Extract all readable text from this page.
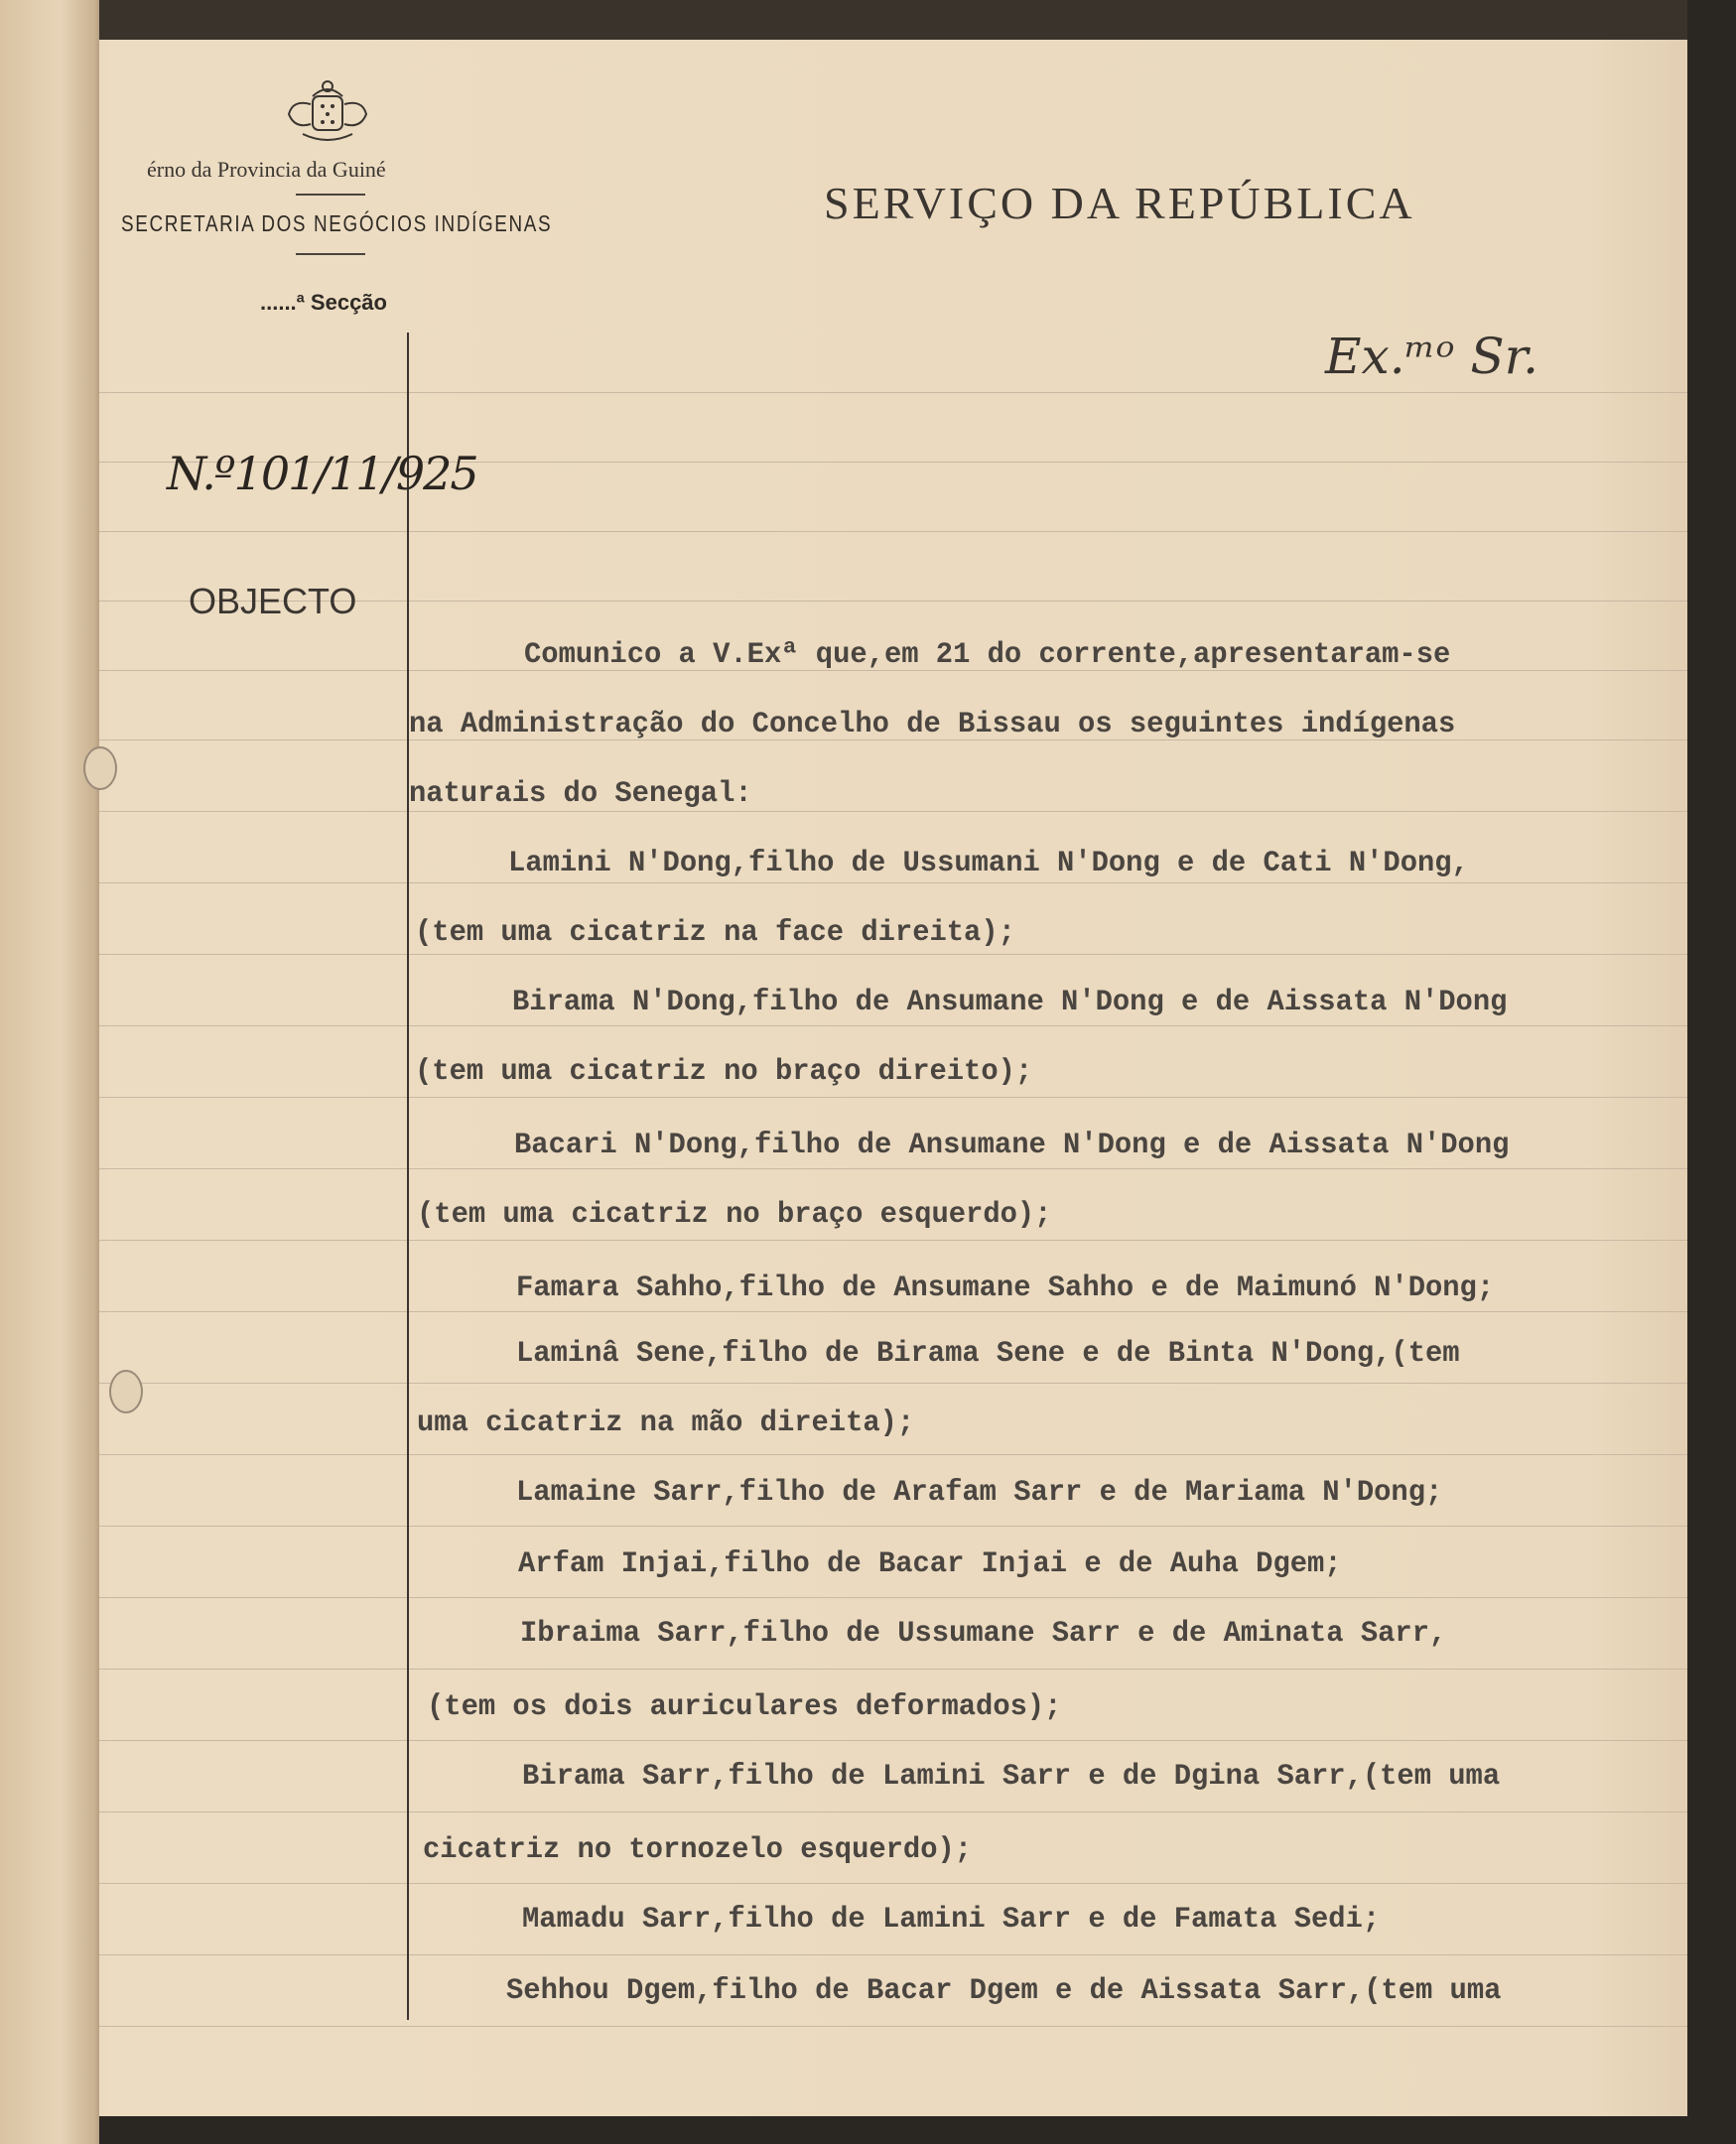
érno da Provincia da Guiné
SECRETARIA DOS NEGÓCIOS INDÍGENAS
......ª Secção
SERVIÇO DA REPÚBLICA
Ex.ᵐᵒ Sr.
N.º101/11/925
OBJECTO
Comunico a V.Exª que,em 21 do corrente,apresentaram-se
na Administração do Concelho de Bissau os seguintes indígenas
naturais do Senegal:
Lamini N'Dong,filho de Ussumani N'Dong e de Cati N'Dong,
(tem uma cicatriz na face direita);
Birama N'Dong,filho de Ansumane N'Dong e de Aissata N'Dong
(tem uma cicatriz no braço direito);
Bacari N'Dong,filho de Ansumane N'Dong e de Aissata N'Dong
(tem uma cicatriz no braço esquerdo);
Famara Sahho,filho de Ansumane Sahho e de Maimunó N'Dong;
Laminâ Sene,filho de Birama Sene e de Binta N'Dong,(tem
uma cicatriz na mão direita);
Lamaine Sarr,filho de Arafam Sarr e de Mariama N'Dong;
Arfam Injai,filho de Bacar Injai e de Auha Dgem;
Ibraima Sarr,filho de Ussumane Sarr e de Aminata Sarr,
(tem os dois auriculares deformados);
Birama Sarr,filho de Lamini Sarr e de Dgina Sarr,(tem uma
cicatriz no tornozelo esquerdo);
Mamadu Sarr,filho de Lamini Sarr e de Famata Sedi;
Sehhou Dgem,filho de Bacar Dgem e de Aissata Sarr,(tem uma
